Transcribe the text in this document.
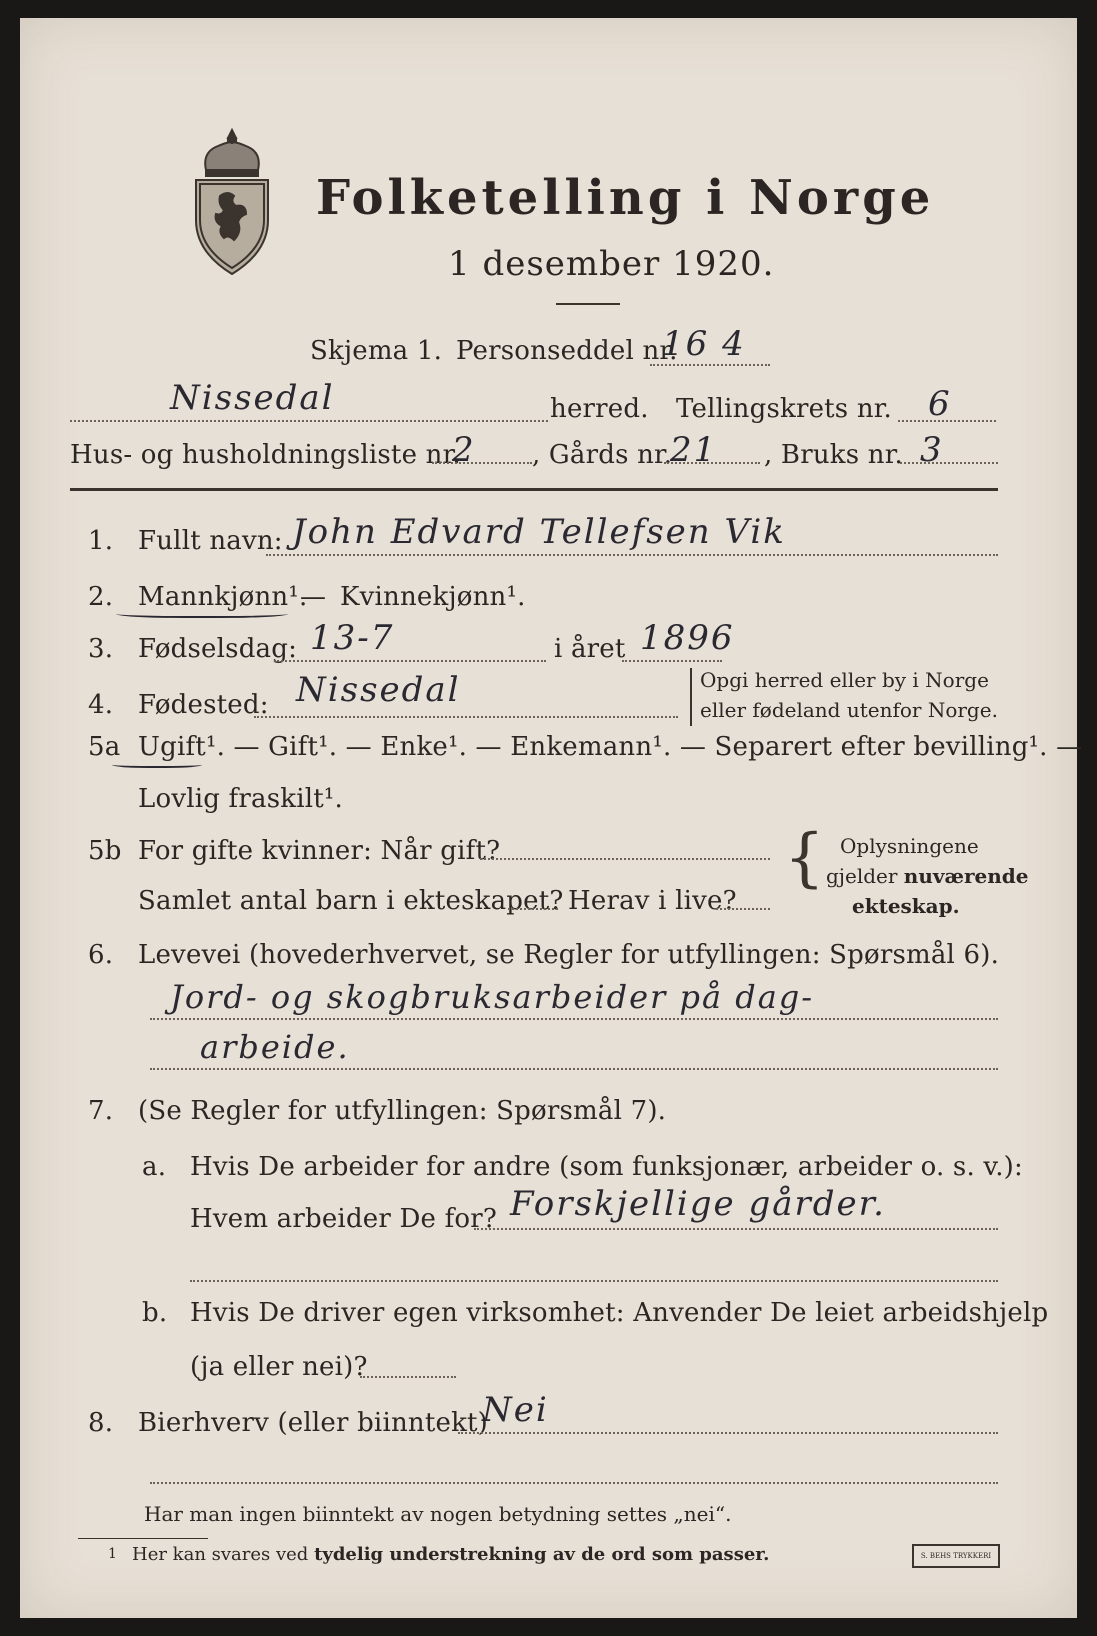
Folketelling i Norge
1 desember 1920.
Skjema 1. Personseddel nr.
16 4
Nissedal	herred. Tellingskrets nr. 6
Hus- og husholdningsliste nr.
2 , Gårds nr.
21 , Bruks nr. 3
1. Fullt navn: John Edvard Tellefsen Vik
2. Mannkjønn¹.
— Kvinnekjønn¹.
3. Fødselsdag: 13-7	i året 1896
4. Fødested: Nissedal	Opgi herred eller by i Norge
eller fødeland utenfor Norge.
5a Ugift¹. — Gift¹. — Enke¹. — Enkemann¹. — Separert efter bevilling¹. —
Lovlig fraskilt¹.
5b For gifte kvinner: Når gift?
Samlet antal barn i ekteskapet? Herav i live?
{ Oplysningene
gjelder nuværende
ekteskap.
6. Levevei (hovederhvervet, se Regler for utfyllingen: Spørsmål 6).
Jord- og skogbruksarbeider på dag-
arbeide.
7. (Se Regler for utfyllingen: Spørsmål 7).
a. Hvis De arbeider for andre (som funksjonær, arbeider o. s. v.):
Hvem arbeider De for? Forskjellige gårder.
b. Hvis De driver egen virksomhet: Anvender De leiet arbeidshjelp
(ja eller nei)?
8. Bierhverv (eller biinntekt)
Nei
Har man ingen biinntekt av nogen betydning settes „nei“.
1 Her kan svares ved tydelig understrekning av de ord som passer.	S. BEHS TRYKKERI
